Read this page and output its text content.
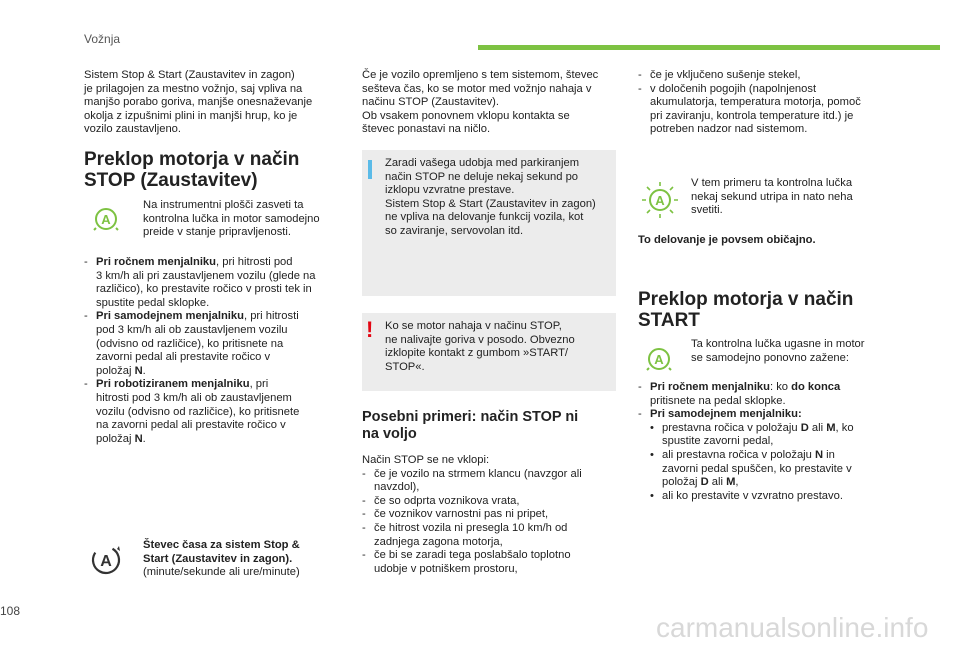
Vožnja

Sistem Stop & Start (Zaustavitev in zagon)

je prilagojen za mestno vožnjo, saj vpliva na

manjšo porabo goriva, manjše onesnaževanje

okolja z izpušnimi plini in manjši hrup, ko je

vozilo zaustavljeno.

Preklop motorja v način
STOP (Zaustavitev)
A

Na instrumentni plošči zasveti ta

kontrolna lučka in motor samodejno

preide v stanje pripravljenosti.

- Pri ročnem menjalniku, pri hitrosti pod
3 km/h ali pri zaustavljenem vozilu (glede na
različico), ko prestavite ročico v prosti tek in
spustite pedal sklopke.
- Pri samodejnem menjalniku, pri hitrosti
pod 3 km/h ali ob zaustavljenem vozilu
(odvisno od različice), ko pritisnete na
zavorni pedal ali prestavite ročico v
položaj N.
- Pri robotiziranem menjalniku, pri
hitrosti pod 3 km/h ali ob zaustavljenem
vozilu (odvisno od različice), ko pritisnete
na zavorni pedal ali prestavite ročico v
položaj N.
A

Števec časa za sistem Stop &

Start (Zaustavitev in zagon).

(minute/sekunde ali ure/minute)

Če je vozilo opremljeno s tem sistemom, števec

sešteva čas, ko se motor med vožnjo nahaja v

načinu STOP (Zaustavitev).

Ob vsakem ponovnem vklopu kontakta se

števec ponastavi na ničlo.

Zaradi vašega udobja med parkiranjem

način STOP ne deluje nekaj sekund po

izklopu vzvratne prestave.

Sistem Stop & Start (Zaustavitev in zagon)

ne vpliva na delovanje funkcij vozila, kot

so zaviranje, servovolan itd.

! Ko se motor nahaja v načinu STOP,

ne nalivajte goriva v posodo. Obvezno

izklopite kontakt z gumbom »START/

STOP«.

Posebni primeri: način STOP ni
na voljo

Način STOP se ne vklopi:

- če je vozilo na strmem klancu (navzgor ali
navzdol),
- če so odprta voznikova vrata,
- če voznikov varnostni pas ni pripet,
- če hitrost vozila ni presegla 10 km/h od
zadnjega zagona motorja,
- če bi se zaradi tega poslabšalo toplotno
udobje v potniškem prostoru,
- če je vključeno sušenje stekel,
- v določenih pogojih (napolnjenost
akumulatorja, temperatura motorja, pomoč
pri zaviranju, kontrola temperature itd.) je
potreben nadzor nad sistemom.
A

V tem primeru ta kontrolna lučka

nekaj sekund utripa in nato neha

svetiti.

To delovanje je povsem običajno.
Preklop motorja v način
START
A

Ta kontrolna lučka ugasne in motor

se samodejno ponovno zažene:

- Pri ročnem menjalniku: ko do konca
pritisnete na pedal sklopke.
- Pri samodejnem menjalniku:
• prestavna ročica v položaju D ali M, ko
spustite zavorni pedal,
• ali prestavna ročica v položaju N in
zavorni pedal spuščen, ko prestavite v
položaj D ali M,
• ali ko prestavite v vzvratno prestavo.
108
carmanualsonline.info
